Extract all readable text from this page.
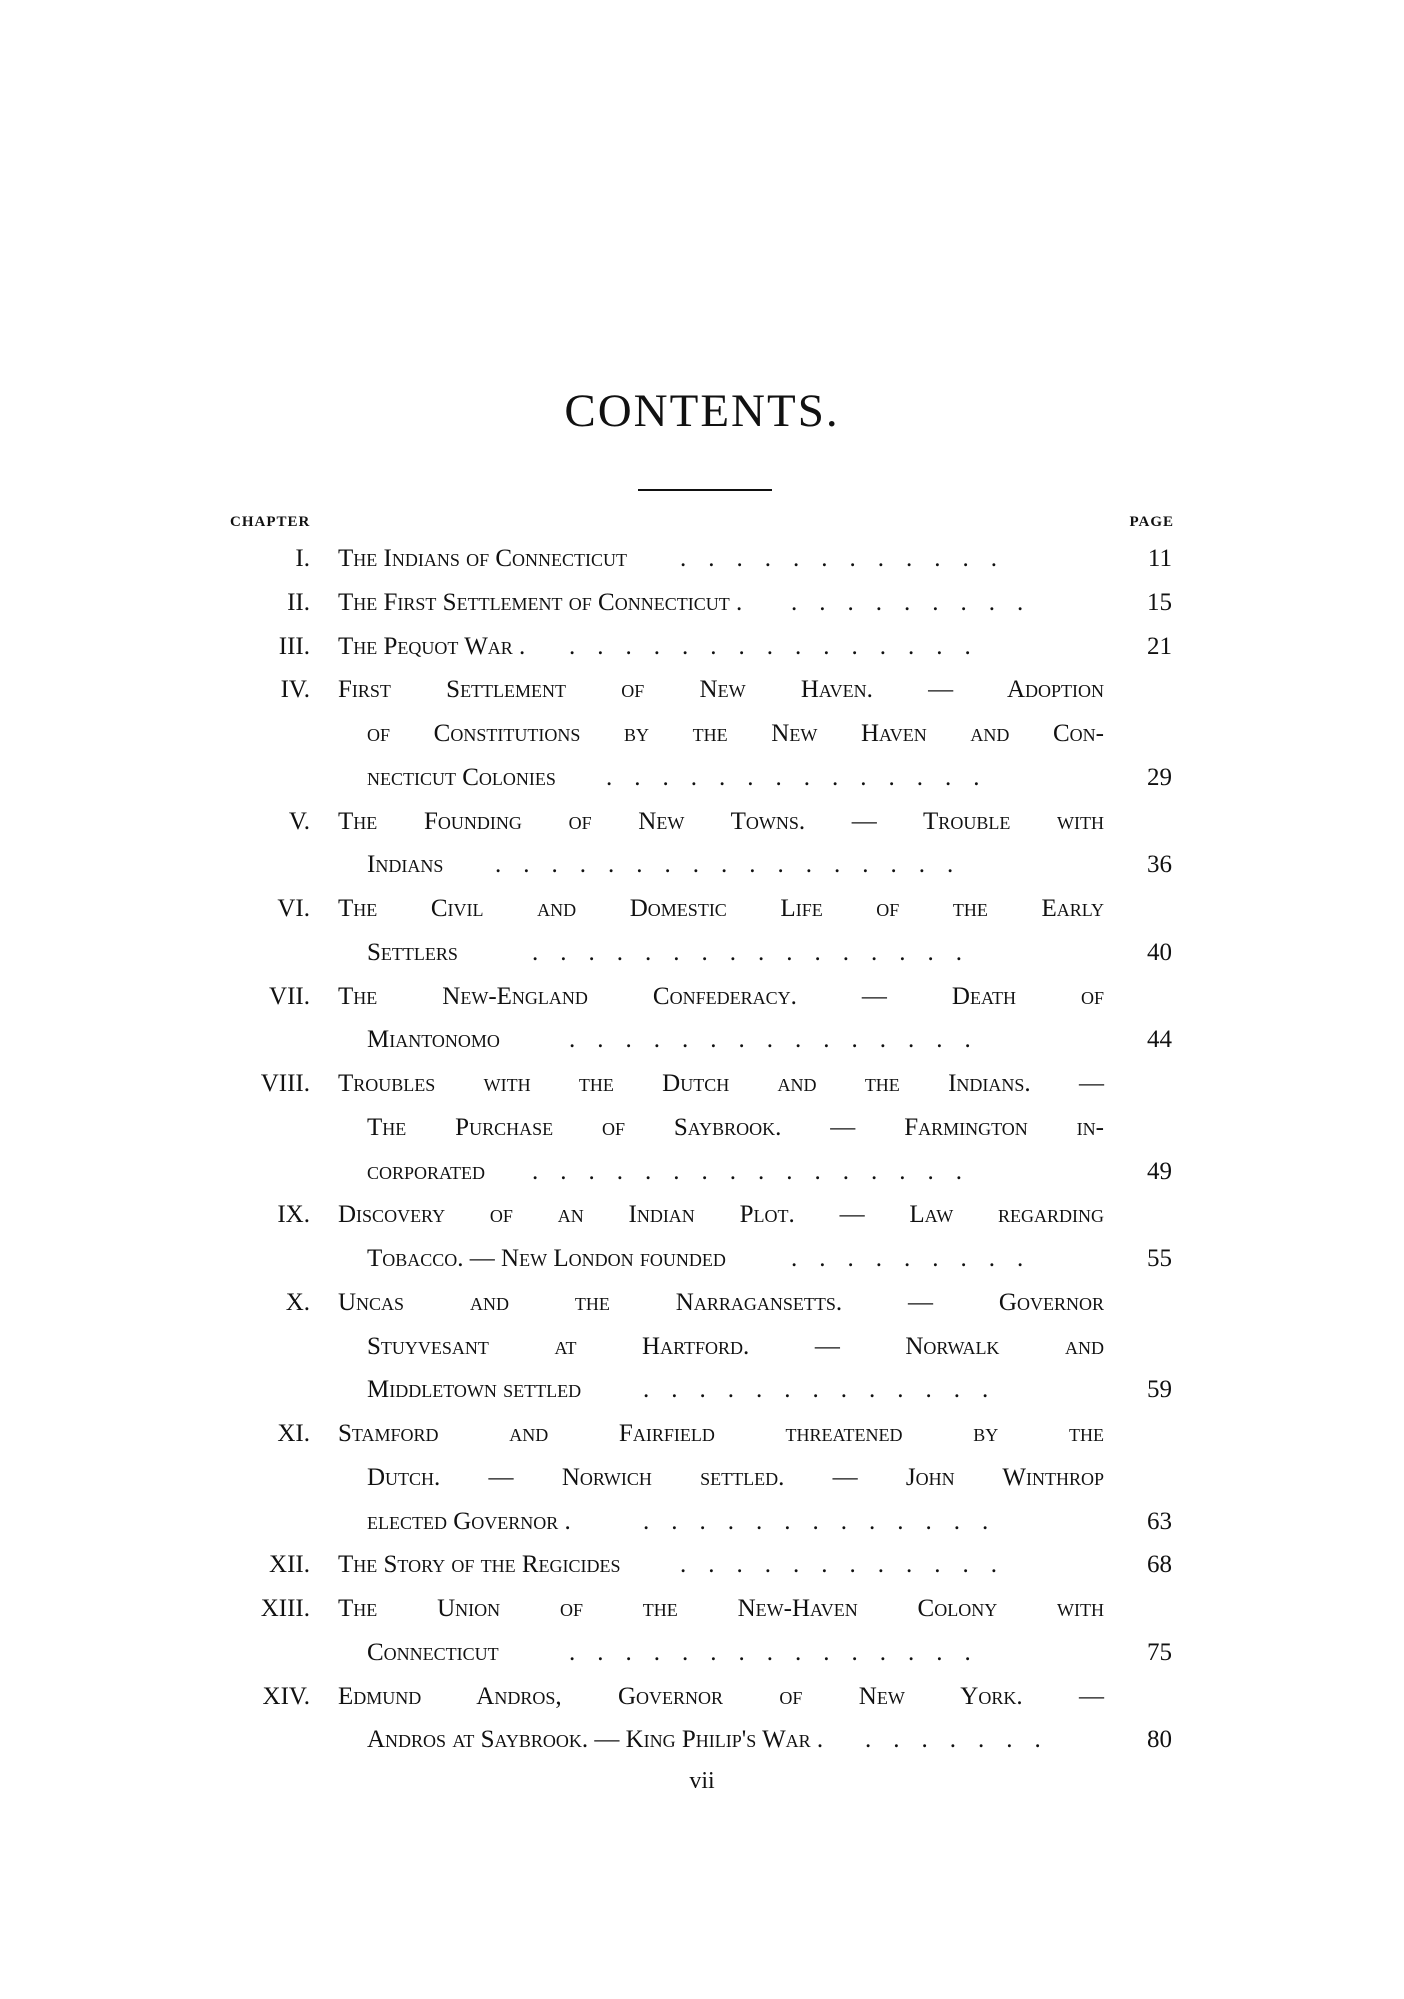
CONTENTS.
CHAPTER	PAGE
I. The Indians of Connecticut	11
............
II. The First Settlement of Connecticut .	15
.........
III. The Pequot War .	21
...............
IV. First Settlement of New Haven. — Adoption
of Constitutions by the New Haven and Con-
necticut Colonies	29
..............
V. The Founding of New Towns. — Trouble with
Indians	36
.................
VI. The Civil and Domestic Life of the Early
Settlers	40
................
VII. The New-England Confederacy. — Death of
Miantonomo	44
...............
VIII. Troubles with the Dutch and the Indians. —
The Purchase of Saybrook. — Farmington in-
corporated	49
................
IX. Discovery of an Indian Plot. — Law regarding
Tobacco. — New London founded	55
.........
X. Uncas and the Narragansetts. — Governor
Stuyvesant at Hartford. — Norwalk and
Middletown settled	59
.............
XI. Stamford and Fairfield threatened by the
Dutch. — Norwich settled. — John Winthrop
elected Governor .	63
.............
XII. The Story of the Regicides	68
............
XIII. The Union of the New-Haven Colony with
Connecticut	75
...............
XIV. Edmund Andros, Governor of New York. —
Andros at Saybrook. — King Philip's War .	80
.......
vii
